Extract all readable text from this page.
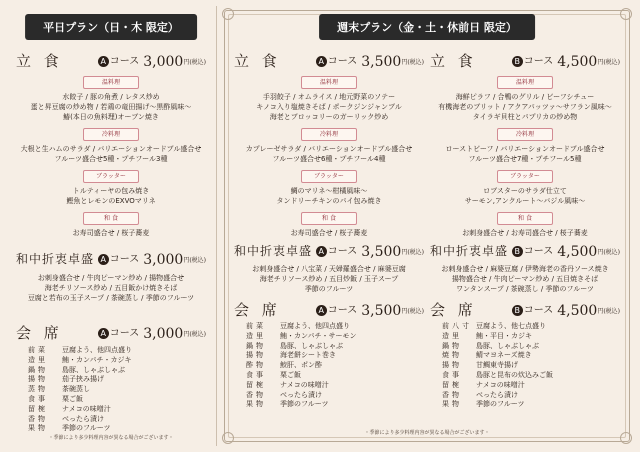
平日プラン（日・木 限定）
立 食	A コース 3,000円(税込)
温料理
水餃子 / 豚の角煮 / レタス炒め
蛋と昇豆腐の炒め物 / 若鶏の竜田揚げ～黒酢風味～
鰆(本日の魚料理)オーブン焼き
冷料理
大根と生ハムのサラダ / バリエーションオードブル盛合せ
フルーツ盛合せ5種・プチフール3種
ブラッター
トルティーヤの包み焼き
鰹魚とレモンのEXVOマリネ
和 食
お寿司盛合せ / 桜子蕎麦
和中折衷卓盛 A コース 3,000円(税込)
お刺身盛合せ / 牛肉ピーマン炒め / 揚物盛合せ
海老チリソース炒め / 五目飯かけ焼きそば
豆腐と若布の玉子スープ / 茶碗蒸し / 季節のフルーツ
会 席	A コース 3,000円(税込)
前菜	豆腐よう、他四点盛り
造里	鮪・カンパチ・カジキ
鍋物	島豚、しゃぶしゃぶ
揚物	茄子挟み揚げ
蒸物	茶碗蒸し
食事	栗ご飯
留椀	ナメコの味噌汁
香物	べったら漬け
果物	季節のフルーツ
・季節により多少料理内容が異なる場合がございます・
週末プラン（金・土・休前日 限定）
立 食	A コース 3,500円(税込)
温料理
手羽餃子 / オムライス / 地元野菜のソテー
キノコ入り塩焼きそば / ポークジンジャンブル
海老とブロッコリーのガーリック炒め
冷料理
カプレーゼサラダ / バリエーションオードブル盛合せ
フルーツ盛合せ6種・プチフール4種
ブラッター
鯛のマリネ～柑橘風味～
タンドリーチキンのパイ包み焼き
和 食
お寿司盛合せ / 桜子蕎麦
立 食	B コース 4,500円(税込)
温料理
海鮮ピラフ / 合鴨のグリル / ビーフシチュー
有機海老のブリット / アクアパッツァ～サフラン風味～
タイラギ貝柱とパプリカの炒め物
冷料理
ローストビーフ / バリエーションオードブル盛合せ
フルーツ盛合せ7種・プチフール5種
ブラッター
ロブスターのサラダ仕立て
サーモン,アンクルート～バジル風味～
和 食
お刺身盛合せ / お寿司盛合せ / 桜子蕎麦
和中折衷卓盛 A コース 3,500円(税込)
お刺身盛合せ / 八宝菜 / 天婦羅盛合せ / 麻婆豆腐
海老チリソース炒め / 五目炒飯 / 玉子スープ
季節のフルーツ
和中折衷卓盛 B コース 4,500円(税込)
お刺身盛合せ / 麻婆豆腐 / 伊勢海老の香丹ソース焼き
揚物盛合せ / 牛肉ピーマン炒め / 五目焼きそば
ワンタンスープ / 茶碗蒸し / 季節のフルーツ
会 席	A コース 3,500円(税込)
前菜	豆腐よう、他四点盛り
造里	鮪・カンパチ・サーモン
鍋物	島豚、しゃぶしゃぶ
揚物	海老餅シート巻き
酢物	鮫肝、ポン酢
食事	栗ご飯
留椀	ナメコの味噌汁
香物	べったら漬け
果物	季節のフルーツ
会 席	B コース 4,500円(税込)
前八寸 豆腐よう、他七点盛り
造里	鮪・平目・カジキ
鍋物	島豚、しゃぶしゃぶ
焼物	鯖マヨネーズ焼き
揚物	甘鯛東寺揚げ
食事	島豚と昆布の炊込みご飯
留椀	ナメコの味噌汁
香物	べったら漬け
果物	季節のフルーツ
・季節により多少料理内容が異なる場合がございます・
